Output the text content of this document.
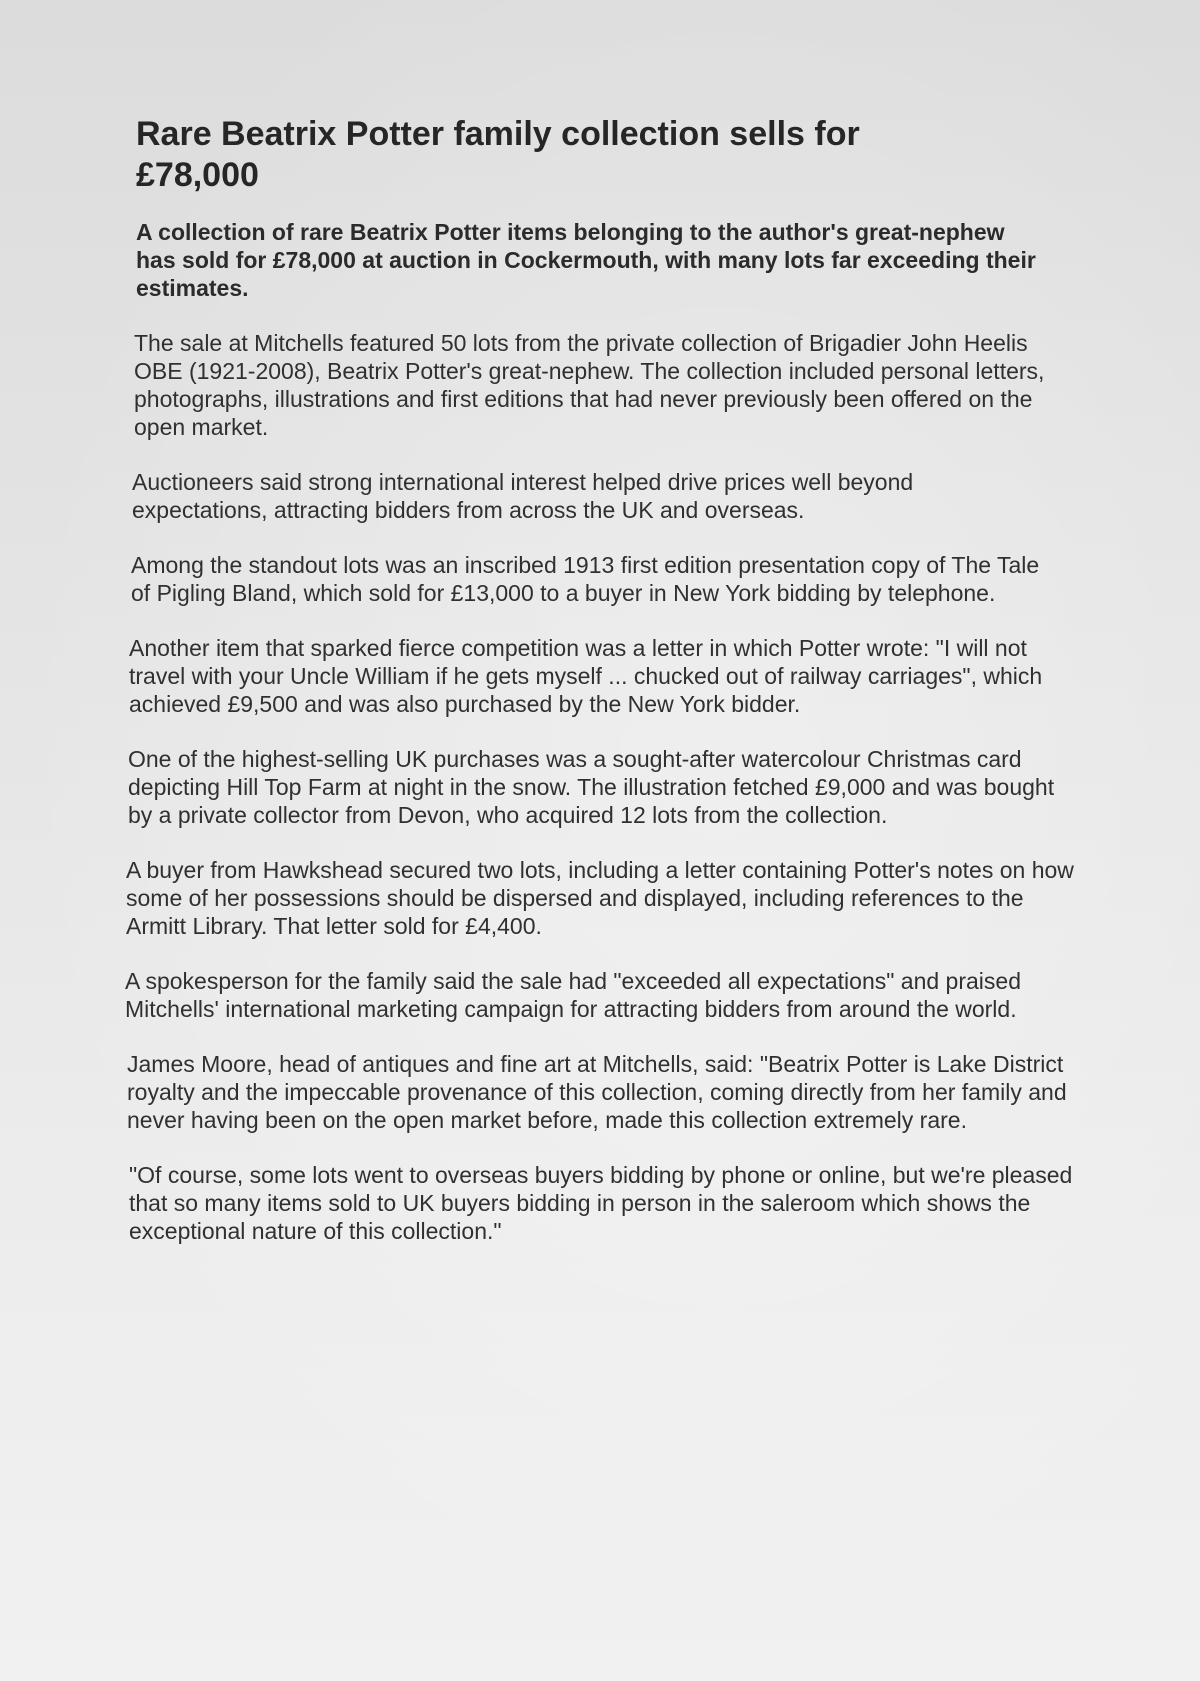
Rare Beatrix Potter family collection sells for £78,000

A collection of rare Beatrix Potter items belonging to the author's great-nephew has sold for £78,000 at auction in Cockermouth, with many lots far exceeding their estimates.

The sale at Mitchells featured 50 lots from the private collection of Brigadier John Heelis OBE (1921-2008), Beatrix Potter's great-nephew. The collection included personal letters, photographs, illustrations and first editions that had never previously been offered on the open market.

Auctioneers said strong international interest helped drive prices well beyond expectations, attracting bidders from across the UK and overseas.

Among the standout lots was an inscribed 1913 first edition presentation copy of The Tale of Pigling Bland, which sold for £13,000 to a buyer in New York bidding by telephone.

Another item that sparked fierce competition was a letter in which Potter wrote: "I will not travel with your Uncle William if he gets myself ... chucked out of railway carriages", which achieved £9,500 and was also purchased by the New York bidder.

One of the highest-selling UK purchases was a sought-after watercolour Christmas card depicting Hill Top Farm at night in the snow. The illustration fetched £9,000 and was bought by a private collector from Devon, who acquired 12 lots from the collection.

A buyer from Hawkshead secured two lots, including a letter containing Potter's notes on how some of her possessions should be dispersed and displayed, including references to the Armitt Library. That letter sold for £4,400.

A spokesperson for the family said the sale had "exceeded all expectations" and praised Mitchells' international marketing campaign for attracting bidders from around the world.

James Moore, head of antiques and fine art at Mitchells, said: "Beatrix Potter is Lake District royalty and the impeccable provenance of this collection, coming directly from her family and never having been on the open market before, made this collection extremely rare.

"Of course, some lots went to overseas buyers bidding by phone or online, but we're pleased that so many items sold to UK buyers bidding in person in the saleroom which shows the exceptional nature of this collection."
